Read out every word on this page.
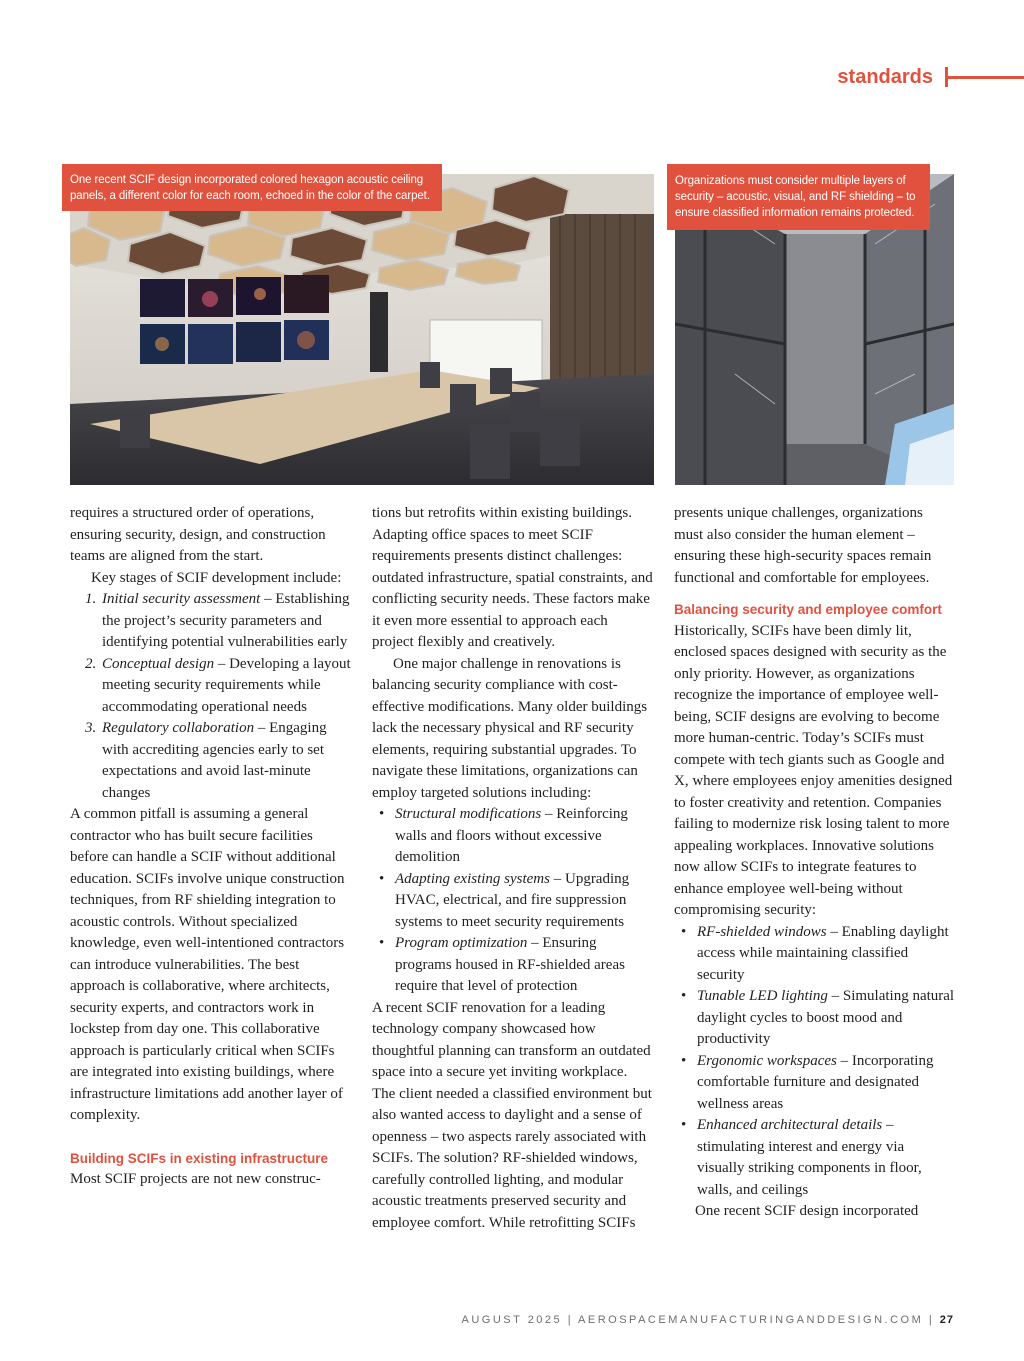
standards
One recent SCIF design incorporated colored hexagon acoustic ceiling panels, a different color for each room, echoed in the color of the carpet.
Organizations must consider multiple layers of security – acoustic, visual, and RF shielding – to ensure classified information remains protected.

requires a structured order of operations, ensuring security, design, and construction teams are aligned from the start.

Key stages of SCIF development include:

1. Initial security assessment – Establishing the project’s security parameters and identifying potential vulnerabilities early
2. Conceptual design – Developing a layout meeting security requirements while accommodating operational needs
3. Regulatory collaboration – Engaging with accrediting agencies early to set expectations and avoid last-minute changes

A common pitfall is assuming a general contractor who has built secure facilities before can handle a SCIF without additional education. SCIFs involve unique construction techniques, from RF shielding integration to acoustic controls. Without specialized knowledge, even well-intentioned contractors can introduce vulnerabilities. The best approach is collaborative, where architects, security experts, and contractors work in lockstep from day one. This collaborative approach is particularly critical when SCIFs are integrated into existing buildings, where infrastructure limitations add another layer of complexity.

Building SCIFs in existing infrastructure

Most SCIF projects are not new construc-

tions but retrofits within existing buildings. Adapting office spaces to meet SCIF requirements presents distinct challenges: outdated infrastructure, spatial constraints, and conflicting security needs. These factors make it even more essential to approach each project flexibly and creatively.

One major challenge in renovations is balancing security compliance with cost-effective modifications. Many older buildings lack the necessary physical and RF security elements, requiring substantial upgrades. To navigate these limitations, organizations can employ targeted solutions including:

• Structural modifications – Reinforcing walls and floors without excessive demolition
• Adapting existing systems – Upgrading HVAC, electrical, and fire suppression systems to meet security requirements
• Program optimization – Ensuring programs housed in RF-shielded areas require that level of protection

A recent SCIF renovation for a leading technology company showcased how thoughtful planning can transform an outdated space into a secure yet inviting workplace. The client needed a classified environment but also wanted access to daylight and a sense of openness – two aspects rarely associated with SCIFs. The solution? RF-shielded windows, carefully controlled lighting, and modular acoustic treatments preserved security and employee comfort. While retrofitting SCIFs

presents unique challenges, organizations must also consider the human element – ensuring these high-security spaces remain functional and comfortable for employees.

Balancing security and employee comfort

Historically, SCIFs have been dimly lit, enclosed spaces designed with security as the only priority. However, as organizations recognize the importance of employee well-being, SCIF designs are evolving to become more human-centric. Today’s SCIFs must compete with tech giants such as Google and X, where employees enjoy amenities designed to foster creativity and retention. Companies failing to modernize risk losing talent to more appealing workplaces. Innovative solutions now allow SCIFs to integrate features to enhance employee well-being without compromising security:

• RF-shielded windows – Enabling daylight access while maintaining classified security
• Tunable LED lighting – Simulating natural daylight cycles to boost mood and productivity
• Ergonomic workspaces – Incorporating comfortable furniture and designated wellness areas
• Enhanced architectural details – stimulating interest and energy via visually striking components in floor, walls, and ceilings

One recent SCIF design incorporated

AUGUST 2025 | AEROSPACEMANUFACTURINGANDDESIGN.COM | 27
